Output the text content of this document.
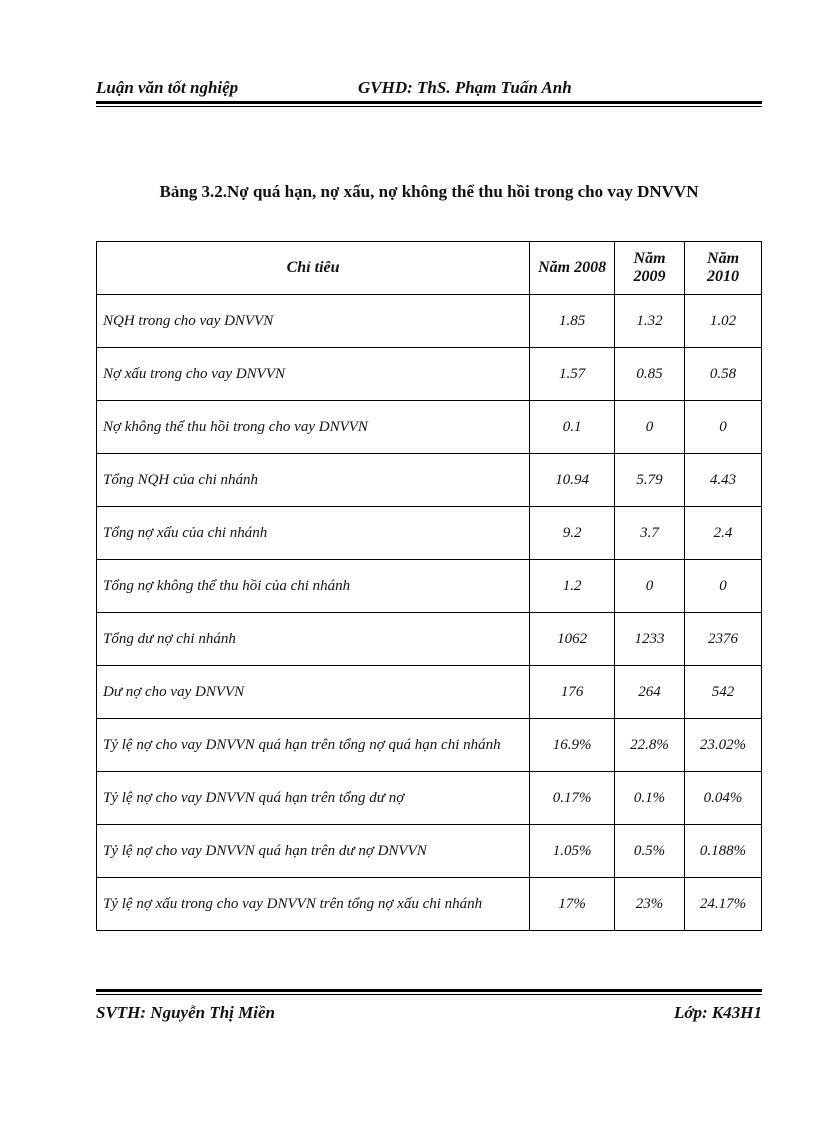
Luận văn tốt nghiệp	GVHD: ThS. Phạm Tuấn Anh
Bảng 3.2.Nợ quá hạn, nợ xấu, nợ không thể thu hồi trong cho vay DNVVN
Chỉ tiêu	Năm 2008	Năm 2009	Năm 2010
NQH trong cho vay DNVVN	1.85	1.32	1.02
Nợ xấu trong cho vay DNVVN	1.57	0.85	0.58
Nợ không thể thu hồi trong cho vay DNVVN	0.1	0	0
Tổng NQH của chi nhánh	10.94	5.79	4.43
Tổng nợ xấu của chi nhánh	9.2	3.7	2.4
Tổng nợ không thể thu hồi của chi nhánh	1.2	0	0
Tổng dư nợ chi nhánh	1062	1233	2376
Dư nợ cho vay DNVVN	176	264	542
Tỷ lệ nợ cho vay DNVVN quá hạn trên tổng nợ quá hạn chi nhánh	16.9%	22.8%	23.02%
Tỷ lệ nợ cho vay DNVVN quá hạn trên tổng dư nợ	0.17%	0.1%	0.04%
Tỷ lệ nợ cho vay DNVVN quá hạn trên dư nợ DNVVN	1.05%	0.5%	0.188%
Tỷ lệ nợ xấu trong cho vay DNVVN trên tổng nợ xấu chi nhánh	17%	23%	24.17%
SVTH: Nguyễn Thị Miền	Lớp: K43H1
